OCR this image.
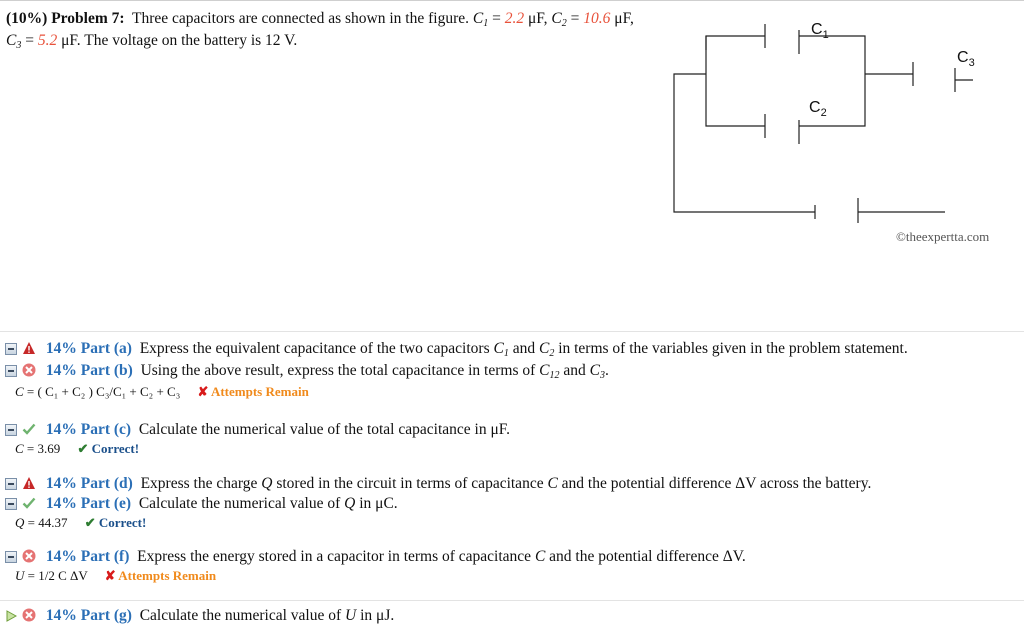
(10%) Problem 7: Three capacitors are connected as shown in the figure. $C_1 = 2.2$ μF, $C_2 = 10.6$ μF, $C_3 = 5.2$ μF. The voltage on the battery is 12 V.
$C_1$
$C_2$
$C_3$
©theexpertta.com
14% Part (a) Express the equivalent capacitance of the two capacitors $C_1$ and $C_2$ in terms of the variables given in the problem statement.
14% Part (b) Using the above result, express the total capacitance in terms of $C_{12}$ and $C_3$.
C = ( C₁ + C₂ ) C₃/C₁ + C₂ + C₃ ✘ Attempts Remain
14% Part (c) Calculate the numerical value of the total capacitance in μF.
C = 3.69 ✔ Correct!
14% Part (d) Express the charge Q stored in the circuit in terms of capacitance C and the potential difference ΔV across the battery.
14% Part (e) Calculate the numerical value of Q in μC.
Q = 44.37 ✔ Correct!
14% Part (f) Express the energy stored in a capacitor in terms of capacitance C and the potential difference ΔV.
U = 1/2 C ΔV ✘ Attempts Remain
14% Part (g) Calculate the numerical value of U in μJ.
